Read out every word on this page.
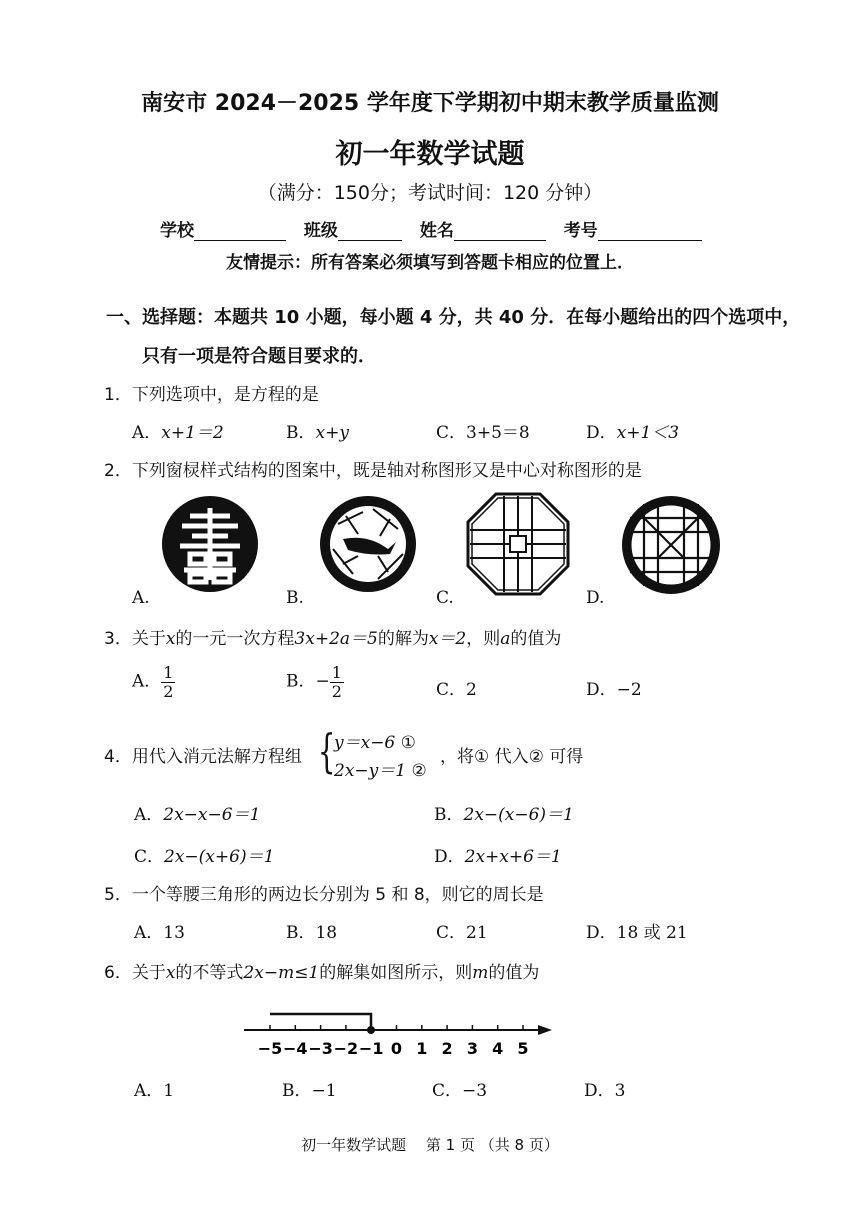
南安市 2024－2025 学年度下学期初中期末教学质量监测
初一年数学试题
（满分：150分；考试时间：120 分钟）
学校	班级	姓名	考号
友情提示：所有答案必须填写到答题卡相应的位置上．
一、选择题：本题共 10 小题，每小题 4 分，共 40 分．在每小题给出的四个选项中，
只有一项是符合题目要求的．
1．下列选项中，是方程的是
A．x+1＝2	B．x+y	C．3+5＝8	D．x+1＜3
2．下列窗棂样式结构的图案中，既是轴对称图形又是中心对称图形的是
A.	B.	C.	D.
3．关于x的一元一次方程3x+2a＝5的解为x＝2，则a的值为
A． $\frac{1}{2}$	B．− $\frac{1}{2}$	C．2	D．−2
4．用代入消元法解方程组 {
y＝x−6 ①
2x−y＝1 ②
，将① 代入② 可得
A．2x−x−6＝1	B．2x−(x−6)＝1
C．2x−(x+6)＝1	D．2x+x+6＝1
5．一个等腰三角形的两边长分别为 5 和 8，则它的周长是
A．13	B．18	C．21	D．18 或 21
6．关于x的不等式2x−m≤1的解集如图所示，则m的值为
−5 −4 −3 −2 −1 0 1 2 3 4 5
A．1	B．−1	C．−3	D．3
初一年数学试题　 第 1 页 （共 8 页）
